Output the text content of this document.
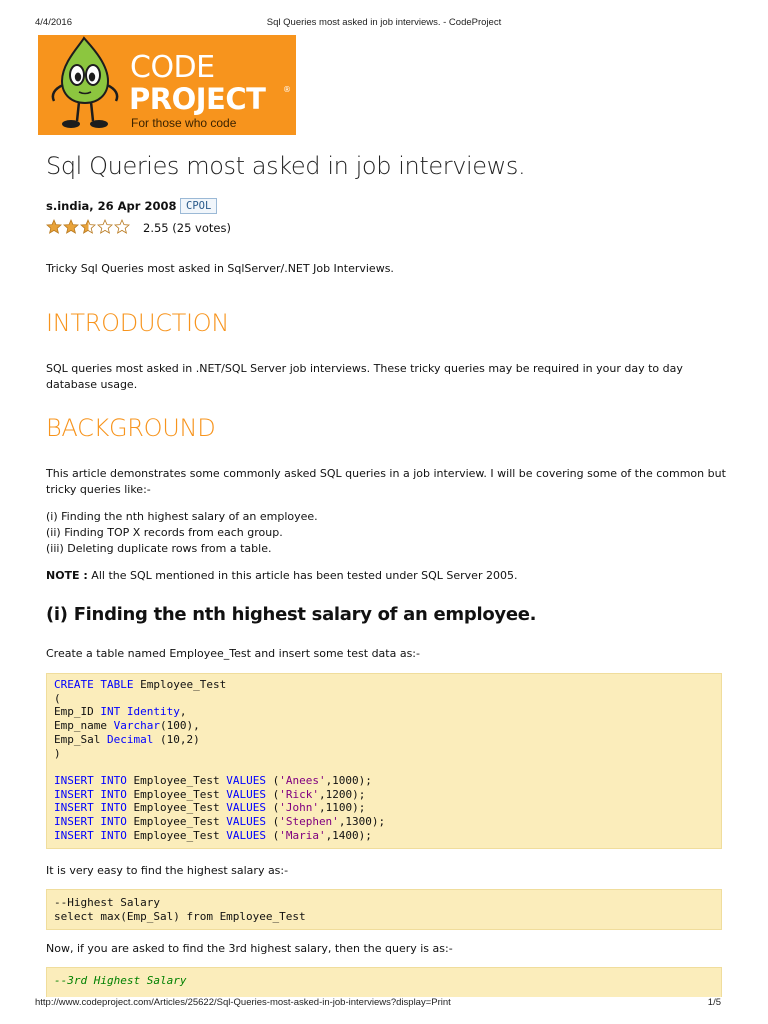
4/4/2016	Sql Queries most asked in job interviews. - CodeProject
CODE
PROJECT ®
For those who code
Sql Queries most asked in job interviews.
s.india, 26 Apr 2008 CPOL
2.55 (25 votes)

Tricky Sql Queries most asked in SqlServer/.NET Job Interviews.

INTRODUCTION

SQL queries most asked in .NET/SQL Server job interviews. These tricky queries may be required in your day to day database usage.

BACKGROUND

This article demonstrates some commonly asked SQL queries in a job interview. I will be covering some of the common but tricky queries like:-

(i) Finding the nth highest salary of an employee.
(ii) Finding TOP X records from each group.
(iii) Deleting duplicate rows from a table.

NOTE : All the SQL mentioned in this article has been tested under SQL Server 2005.

(i) Finding the nth highest salary of an employee.

Create a table named Employee_Test and insert some test data as:-

CREATE TABLE Employee_Test
(
Emp_ID INT Identity,
Emp_name Varchar(100),
Emp_Sal Decimal (10,2)
)

INSERT INTO Employee_Test VALUES ('Anees',1000);
INSERT INTO Employee_Test VALUES ('Rick',1200);
INSERT INTO Employee_Test VALUES ('John',1100);
INSERT INTO Employee_Test VALUES ('Stephen',1300);
INSERT INTO Employee_Test VALUES ('Maria',1400);

It is very easy to find the highest salary as:-

--Highest Salary
select max(Emp_Sal) from Employee_Test

Now, if you are asked to find the 3rd highest salary, then the query is as:-

--3rd Highest Salary
http://www.codeproject.com/Articles/25622/Sql-Queries-most-asked-in-job-interviews?display=Print	1/5
